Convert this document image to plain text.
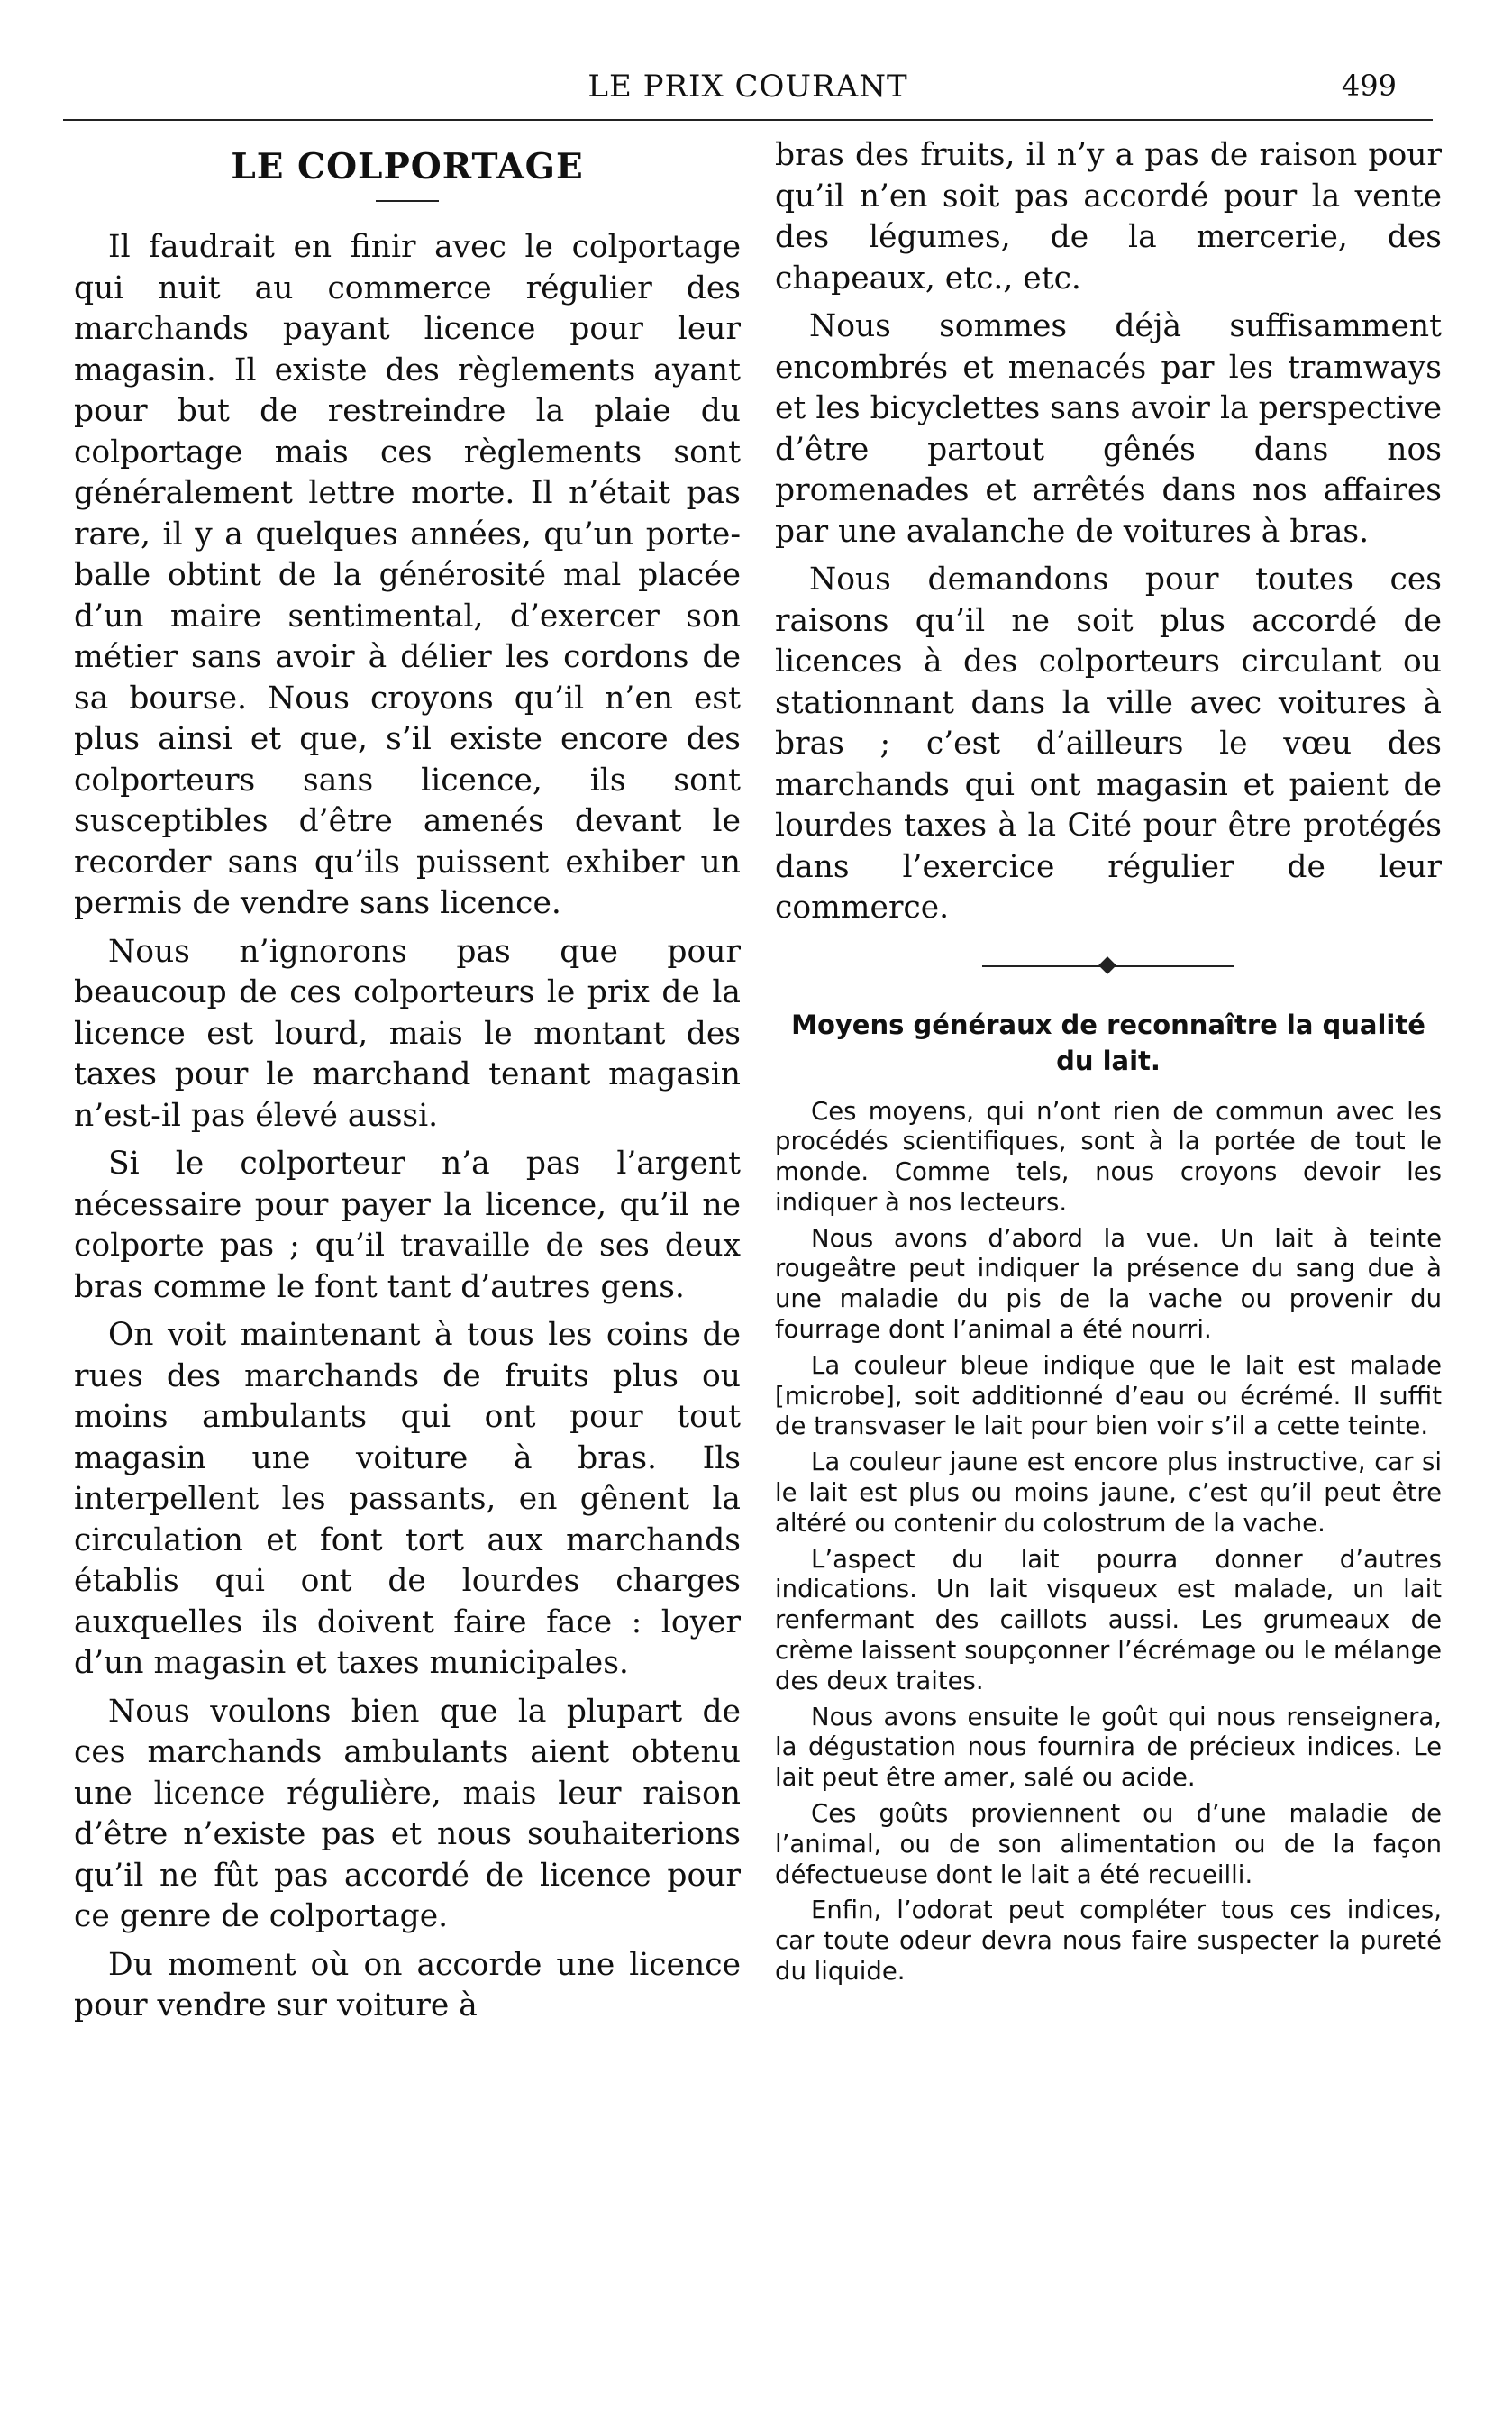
LE PRIX COURANT	499
LE COLPORTAGE

Il faudrait en finir avec le colportage qui nuit au commerce régulier des marchands payant licence pour leur magasin. Il existe des règlements ayant pour but de restreindre la plaie du colportage mais ces règlements sont généralement lettre morte. Il n’était pas rare, il y a quelques années, qu’un porte-balle obtint de la générosité mal placée d’un maire sentimental, d’exercer son métier sans avoir à délier les cordons de sa bourse. Nous croyons qu’il n’en est plus ainsi et que, s’il existe encore des colporteurs sans licence, ils sont susceptibles d’être amenés devant le recorder sans qu’ils puissent exhiber un permis de vendre sans licence.

Nous n’ignorons pas que pour beaucoup de ces colporteurs le prix de la licence est lourd, mais le montant des taxes pour le marchand tenant magasin n’est-il pas élevé aussi.

Si le colporteur n’a pas l’argent nécessaire pour payer la licence, qu’il ne colporte pas ; qu’il travaille de ses deux bras comme le font tant d’autres gens.

On voit maintenant à tous les coins de rues des marchands de fruits plus ou moins ambulants qui ont pour tout magasin une voiture à bras. Ils interpellent les passants, en gênent la circulation et font tort aux marchands établis qui ont de lourdes charges auxquelles ils doivent faire face : loyer d’un magasin et taxes municipales.

Nous voulons bien que la plupart de ces marchands ambulants aient obtenu une licence régulière, mais leur raison d’être n’existe pas et nous souhaiterions qu’il ne fût pas accordé de licence pour ce genre de colportage.

Du moment où on accorde une licence pour vendre sur voiture à

bras des fruits, il n’y a pas de raison pour qu’il n’en soit pas accordé pour la vente des légumes, de la mercerie, des chapeaux, etc., etc.

Nous sommes déjà suffisamment encombrés et menacés par les tramways et les bicyclettes sans avoir la perspective d’être partout gênés dans nos promenades et arrêtés dans nos affaires par une avalanche de voitures à bras.

Nous demandons pour toutes ces raisons qu’il ne soit plus accordé de licences à des colporteurs circulant ou stationnant dans la ville avec voitures à bras ; c’est d’ailleurs le vœu des marchands qui ont magasin et paient de lourdes taxes à la Cité pour être protégés dans l’exercice régulier de leur commerce.

Moyens généraux de reconnaître la qualité du lait.

Ces moyens, qui n’ont rien de commun avec les procédés scientifiques, sont à la portée de tout le monde. Comme tels, nous croyons devoir les indiquer à nos lecteurs.

Nous avons d’abord la vue. Un lait à teinte rougeâtre peut indiquer la présence du sang due à une maladie du pis de la vache ou provenir du fourrage dont l’animal a été nourri.

La couleur bleue indique que le lait est malade [microbe], soit additionné d’eau ou écrémé. Il suffit de transvaser le lait pour bien voir s’il a cette teinte.

La couleur jaune est encore plus instructive, car si le lait est plus ou moins jaune, c’est qu’il peut être altéré ou contenir du colostrum de la vache.

L’aspect du lait pourra donner d’autres indications. Un lait visqueux est malade, un lait renfermant des caillots aussi. Les grumeaux de crème laissent soupçonner l’écrémage ou le mélange des deux traites.

Nous avons ensuite le goût qui nous renseignera, la dégustation nous fournira de précieux indices. Le lait peut être amer, salé ou acide.

Ces goûts proviennent ou d’une maladie de l’animal, ou de son alimentation ou de la façon défectueuse dont le lait a été recueilli.

Enfin, l’odorat peut compléter tous ces indices, car toute odeur devra nous faire suspecter la pureté du liquide.
